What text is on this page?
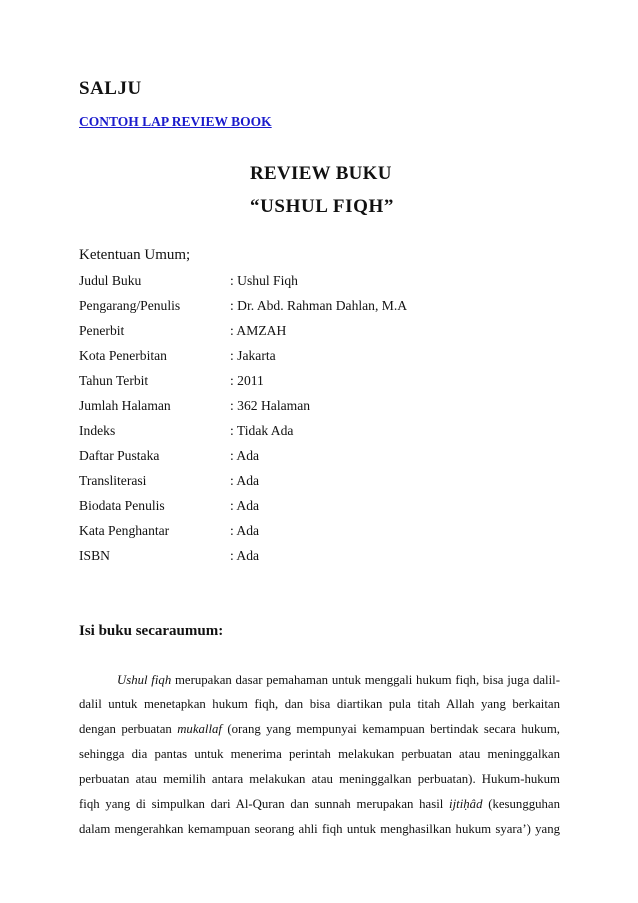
SALJU
CONTOH LAP REVIEW BOOK
REVIEW BUKU
“USHUL FIQH”
Ketentuan Umum;
Judul Buku	: Ushul Fiqh
Pengarang/Penulis	: Dr. Abd. Rahman Dahlan, M.A
Penerbit	: AMZAH
Kota Penerbitan	: Jakarta
Tahun Terbit	: 2011
Jumlah Halaman	: 362 Halaman
Indeks	: Tidak Ada
Daftar Pustaka	: Ada
Transliterasi	: Ada
Biodata Penulis	: Ada
Kata Penghantar	: Ada
ISBN	: Ada
Isi buku secaraumum:
Ushul fiqh merupakan dasar pemahaman untuk menggali hukum fiqh, bisa juga dalil-
dalil untuk menetapkan hukum fiqh, dan bisa diartikan pula titah Allah yang berkaitan
dengan perbuatan mukallaf (orang yang mempunyai kemampuan bertindak secara hukum,
sehingga dia pantas untuk menerima perintah melakukan perbuatan atau meninggalkan
perbuatan atau memilih antara melakukan atau meninggalkan perbuatan). Hukum-hukum
fiqh yang di simpulkan dari Al-Quran dan sunnah merupakan hasil ijtiḥâd (kesungguhan
dalam mengerahkan kemampuan seorang ahli fiqh untuk menghasilkan hukum syara’) yang
